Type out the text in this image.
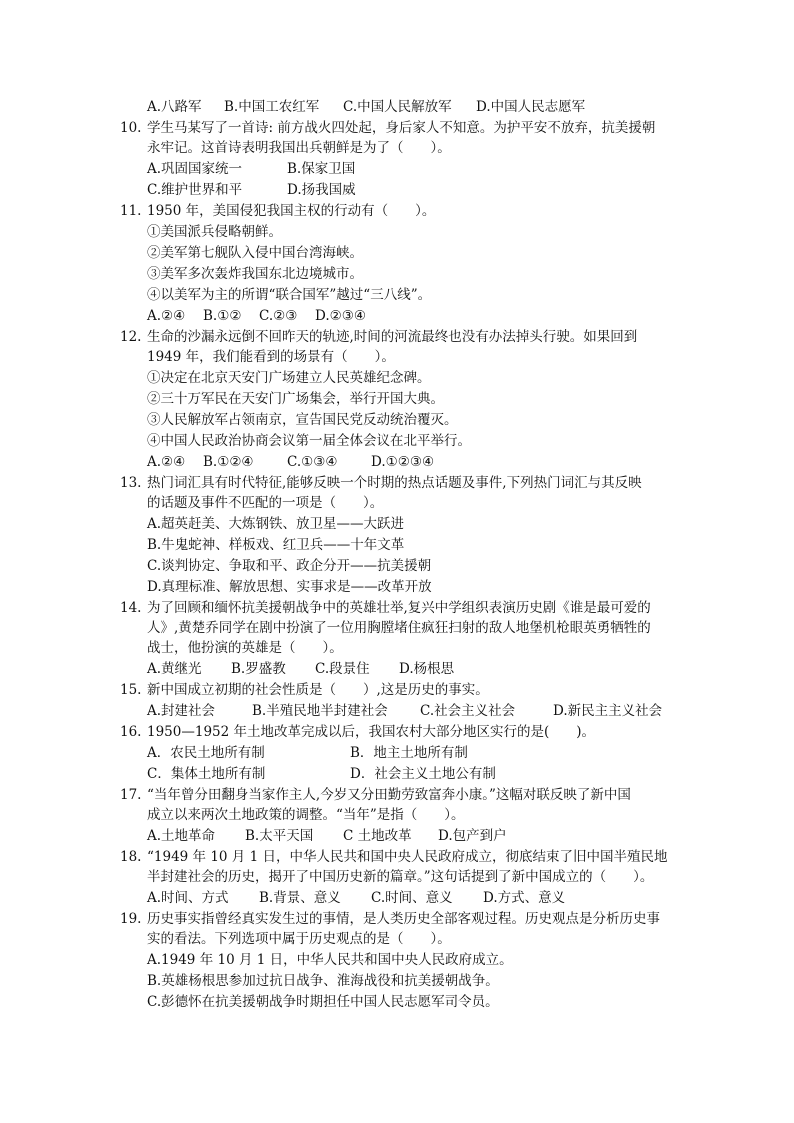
A.八路军 B.中国工农红军 C.中国人民解放军 D.中国人民志愿军
10. 学生马某写了一首诗: 前方战火四处起，身后家人不知意。为护平安不放弃，抗美援朝
永牢记。这首诗表明我国出兵朝鲜是为了（　　）。
A.巩固国家统一	B.保家卫国
C.维护世界和平	D.扬我国威
11. 1950 年，美国侵犯我国主权的行动有（　　）。
①美国派兵侵略朝鲜。
②美军第七舰队入侵中国台湾海峡。
③美军多次轰炸我国东北边境城市。
④以美军为主的所谓“联合国军”越过“三八线”。
A.②④ B.①② C.②③ D.②③④
12. 生命的沙漏永远倒不回昨天的轨迹,时间的河流最终也没有办法掉头行驶。如果回到
1949 年，我们能看到的场景有（　　）。
①决定在北京天安门广场建立人民英雄纪念碑。
②三十万军民在天安门广场集会，举行开国大典。
③人民解放军占领南京，宣告国民党反动统治覆灭。
④中国人民政治协商会议第一届全体会议在北平举行。
A.②④ B.①②④ C.①③④ D.①②③④
13. 热门词汇具有时代特征,能够反映一个时期的热点话题及事件,下列热门词汇与其反映
的话题及事件不匹配的一项是（　　）。
A.超英赶美、大炼钢铁、放卫星——大跃进
B.牛鬼蛇神、样板戏、红卫兵——十年文革
C.谈判协定、争取和平、政企分开——抗美援朝
D.真理标准、解放思想、实事求是——改革开放
14. 为了回顾和缅怀抗美援朝战争中的英雄壮举,复兴中学组织表演历史剧《谁是最可爱的
人》,黄楚乔同学在剧中扮演了一位用胸膛堵住疯狂扫射的敌人地堡机枪眼英勇牺牲的
战士，他扮演的英雄是（　　）。
A.黄继光 B.罗盛教 C.段景住 D.杨根思
15. 新中国成立初期的社会性质是（　　）,这是历史的事实。
A.封建社会	B.半殖民地半封建社会 C.社会主义社会	D.新民主主义社会
16. 1950—1952 年土地改革完成以后，我国农村大部分地区实行的是(　　)。
A．农民土地所有制	B．地主土地所有制
C．集体土地所有制	D．社会主义土地公有制
17. “当年曾分田翻身当家作主人,今岁又分田勤劳致富奔小康。”这幅对联反映了新中国
成立以来两次土地政策的调整。“当年”是指（　　）。
A.土地革命 B.太平天国 C 土地改革 D.包产到户
18. “1949 年 10 月 1 日，中华人民共和国中央人民政府成立，彻底结束了旧中国半殖民地
半封建社会的历史，揭开了中国历史新的篇章。”这句话提到了新中国成立的（　　）。
A.时间、方式 B.背景、意义 C.时间、意义 D.方式、意义
19. 历史事实指曾经真实发生过的事情，是人类历史全部客观过程。历史观点是分析历史事
实的看法。下列选项中属于历史观点的是（　　）。
A.1949 年 10 月 1 日，中华人民共和国中央人民政府成立。
B.英雄杨根思参加过抗日战争、淮海战役和抗美援朝战争。
C.彭德怀在抗美援朝战争时期担任中国人民志愿军司令员。
